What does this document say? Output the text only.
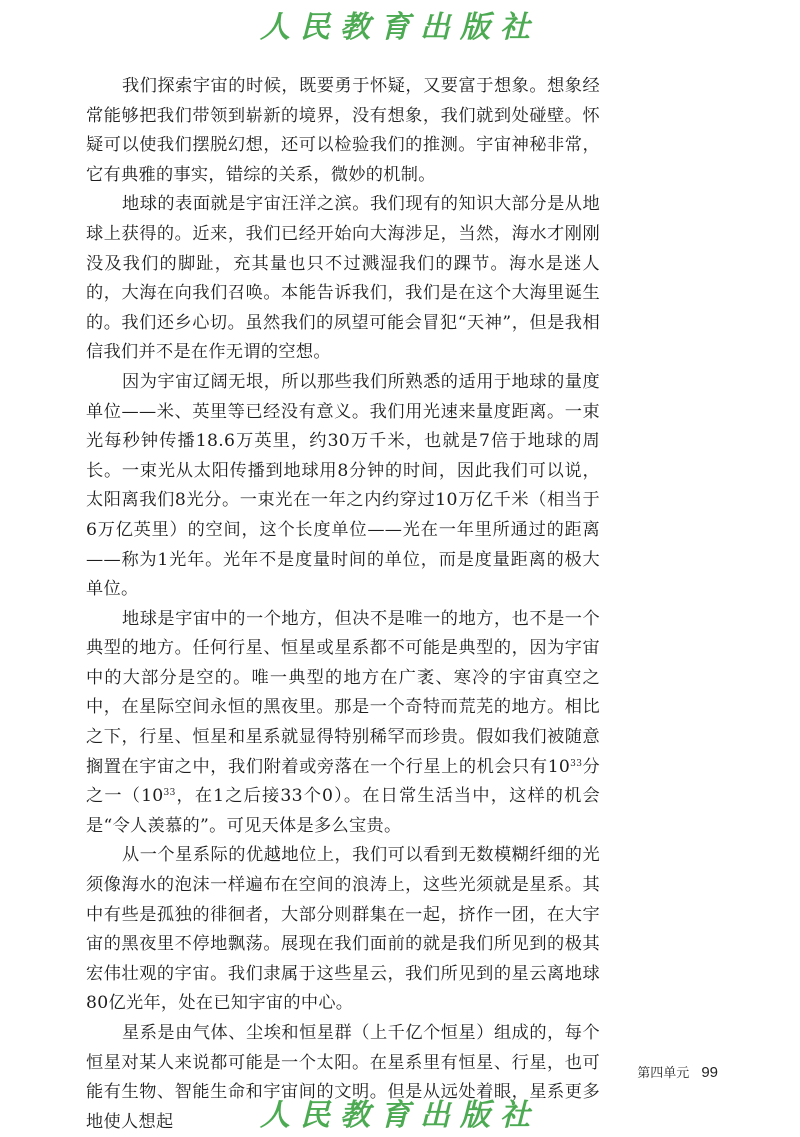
人民教育出版社

我们探索宇宙的时候，既要勇于怀疑，又要富于想象。想象经常能够把我们带领到崭新的境界，没有想象，我们就到处碰壁。怀疑可以使我们摆脱幻想，还可以检验我们的推测。宇宙神秘非常，它有典雅的事实，错综的关系，微妙的机制。

地球的表面就是宇宙汪洋之滨。我们现有的知识大部分是从地球上获得的。近来，我们已经开始向大海涉足，当然，海水才刚刚没及我们的脚趾，充其量也只不过溅湿我们的踝节。海水是迷人的，大海在向我们召唤。本能告诉我们，我们是在这个大海里诞生的。我们还乡心切。虽然我们的夙望可能会冒犯“天神”，但是我相信我们并不是在作无谓的空想。

因为宇宙辽阔无垠，所以那些我们所熟悉的适用于地球的量度单位——米、英里等已经没有意义。我们用光速来量度距离。一束光每秒钟传播18.6万英里，约30万千米，也就是7倍于地球的周长。一束光从太阳传播到地球用8分钟的时间，因此我们可以说，太阳离我们8光分。一束光在一年之内约穿过10万亿千米（相当于6万亿英里）的空间，这个长度单位——光在一年里所通过的距离——称为1光年。光年不是度量时间的单位，而是度量距离的极大单位。

地球是宇宙中的一个地方，但决不是唯一的地方，也不是一个典型的地方。任何行星、恒星或星系都不可能是典型的，因为宇宙中的大部分是空的。唯一典型的地方在广袤、寒冷的宇宙真空之中，在星际空间永恒的黑夜里。那是一个奇特而荒芜的地方。相比之下，行星、恒星和星系就显得特别稀罕而珍贵。假如我们被随意搁置在宇宙之中，我们附着或旁落在一个行星上的机会只有$10^{33}$分之一（$10^{33}$，在1之后接33个0）。在日常生活当中，这样的机会是“令人羡慕的”。可见天体是多么宝贵。

从一个星系际的优越地位上，我们可以看到无数模糊纤细的光须像海水的泡沫一样遍布在空间的浪涛上，这些光须就是星系。其中有些是孤独的徘徊者，大部分则群集在一起，挤作一团，在大宇宙的黑夜里不停地飘荡。展现在我们面前的就是我们所见到的极其宏伟壮观的宇宙。我们隶属于这些星云，我们所见到的星云离地球80亿光年，处在已知宇宙的中心。

星系是由气体、尘埃和恒星群（上千亿个恒星）组成的，每个恒星对某人来说都可能是一个太阳。在星系里有恒星、行星，也可能有生物、智能生命和宇宙间的文明。但是从远处着眼，星系更多地使人想起

第四单元 99
人民教育出版社
